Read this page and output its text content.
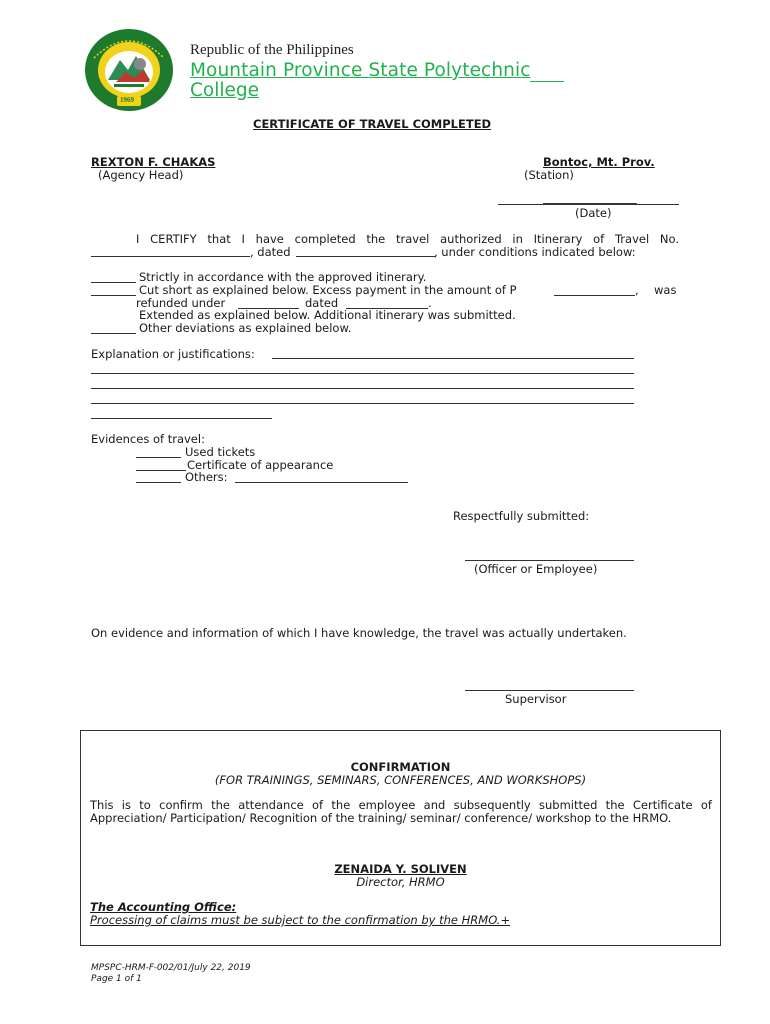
1969
Republic of the Philippines
Mountain Province State Polytechnic
College
CERTIFICATE OF TRAVEL COMPLETED
REXTON F. CHAKAS
(Agency Head)
Bontoc, Mt. Prov.
(Station)
(Date)
I CERTIFY that I have completed the travel authorized in Itinerary of Travel No.
, dated	, under conditions indicated below:
Strictly in accordance with the approved itinerary.
Cut short as explained below. Excess payment in the amount of P	, was
refunded under	dated	.
Extended as explained below. Additional itinerary was submitted.
Other deviations as explained below.
Explanation or justifications:
Evidences of travel:
Used tickets
Certificate of appearance
Others:
Respectfully submitted:
(Officer or Employee)
On evidence and information of which I have knowledge, the travel was actually undertaken.
Supervisor
CONFIRMATION
(FOR TRAININGS, SEMINARS, CONFERENCES, AND WORKSHOPS)
This is to confirm the attendance of the employee and subsequently submitted the Certificate of Appreciation/ Participation/ Recognition of the training/ seminar/ conference/ workshop to the HRMO.
ZENAIDA Y. SOLIVEN
Director, HRMO
The Accounting Office:
Processing of claims must be subject to the confirmation by the HRMO.+
MPSPC-HRM-F-002/01/July 22, 2019
Page 1 of 1
